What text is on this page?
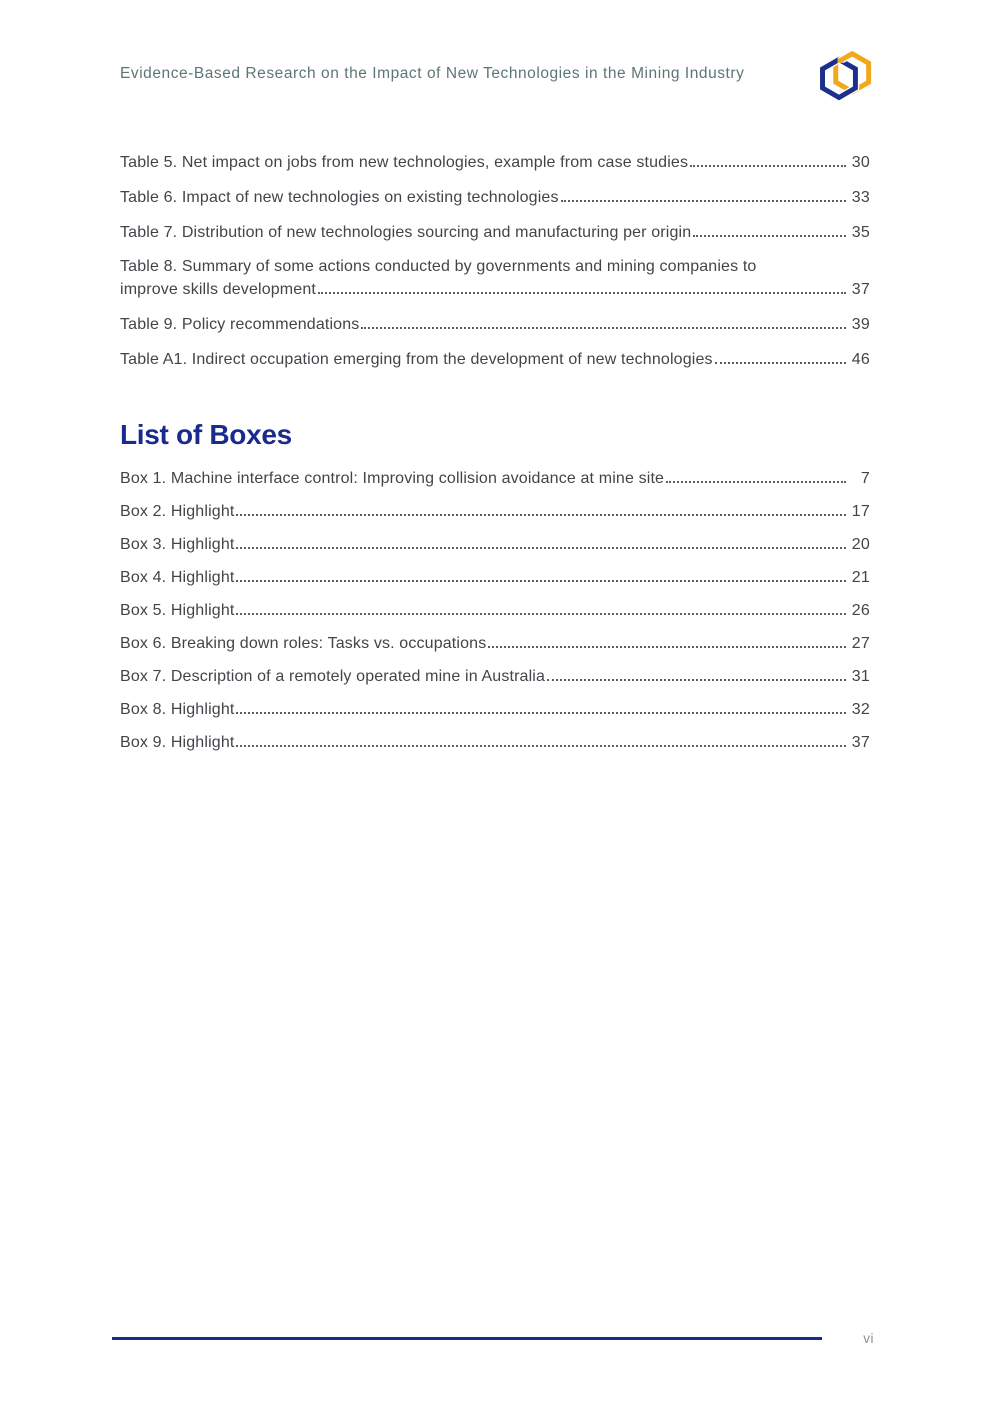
Evidence-Based Research on the Impact of New Technologies in the Mining Industry
Table 5. Net impact on jobs from new technologies, example from case studies	30
Table 6. Impact of new technologies on existing technologies	33
Table 7. Distribution of new technologies sourcing and manufacturing per origin	35
Table 8. Summary of some actions conducted by governments and mining companies to
improve skills development	37
Table 9. Policy recommendations	39
Table A1. Indirect occupation emerging from the development of new technologies	46
List of Boxes
Box 1. Machine interface control: Improving collision avoidance at mine site	7
Box 2. Highlight	17
Box 3. Highlight	20
Box 4. Highlight	21
Box 5. Highlight	26
Box 6. Breaking down roles: Tasks vs. occupations	27
Box 7. Description of a remotely operated mine in Australia	31
Box 8. Highlight	32
Box 9. Highlight	37
vi
